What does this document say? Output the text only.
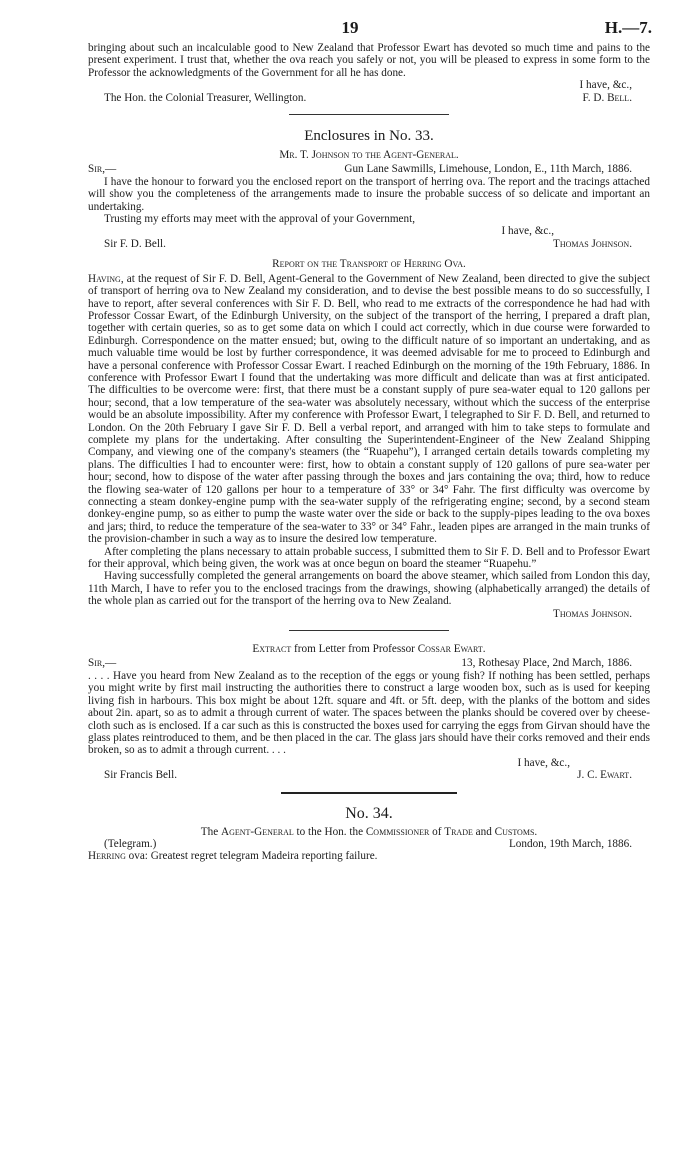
19	H.—7.

bringing about such an incalculable good to New Zealand that Professor Ewart has devoted so much time and pains to the present experiment. I trust that, whether the ova reach you safely or not, you will be pleased to express in some form to the Professor the acknowledgments of the Government for all he has done.

I have, &c.,
The Hon. the Colonial Treasurer, Wellington.	F. D. Bell.
Enclosures in No. 33.
Mr. T. Johnson to the Agent-General.
Sir,—	Gun Lane Sawmills, Limehouse, London, E., 11th March, 1886.

I have the honour to forward you the enclosed report on the transport of herring ova. The report and the tracings attached will show you the completeness of the arrangements made to insure the probable success of so delicate and important an undertaking.

Trusting my efforts may meet with the approval of your Government,

I have, &c.,
Sir F. D. Bell.	Thomas Johnson.
Report on the Transport of Herring Ova.

Having, at the request of Sir F. D. Bell, Agent-General to the Government of New Zealand, been directed to give the subject of transport of herring ova to New Zealand my consideration, and to devise the best possible means to do so successfully, I have to report, after several conferences with Sir F. D. Bell, who read to me extracts of the correspondence he had had with Professor Cossar Ewart, of the Edinburgh University, on the subject of the transport of the herring, I prepared a draft plan, together with certain queries, so as to get some data on which I could act correctly, which in due course were forwarded to Edinburgh. Correspondence on the matter ensued; but, owing to the difficult nature of so important an undertaking, and as much valuable time would be lost by further correspondence, it was deemed advisable for me to proceed to Edinburgh and have a personal conference with Professor Cossar Ewart. I reached Edinburgh on the morning of the 19th February, 1886. In conference with Professor Ewart I found that the undertaking was more difficult and delicate than was at first anticipated. The difficulties to be overcome were: first, that there must be a constant supply of pure sea-water equal to 120 gallons per hour; second, that a low temperature of the sea-water was absolutely necessary, without which the success of the enterprise would be an absolute impossibility. After my conference with Professor Ewart, I telegraphed to Sir F. D. Bell, and returned to London. On the 20th February I gave Sir F. D. Bell a verbal report, and arranged with him to take steps to formulate and complete my plans for the undertaking. After consulting the Superintendent-Engineer of the New Zealand Shipping Company, and viewing one of the company's steamers (the “Ruapehu”), I arranged certain details towards completing my plans. The difficulties I had to encounter were: first, how to obtain a constant supply of 120 gallons of pure sea-water per hour; second, how to dispose of the water after passing through the boxes and jars containing the ova; third, how to reduce the flowing sea-water of 120 gallons per hour to a temperature of 33° or 34° Fahr. The first difficulty was overcome by connecting a steam donkey-engine pump with the sea-water supply of the refrigerating engine; second, by a second steam donkey-engine pump, so as either to pump the waste water over the side or back to the supply-pipes leading to the ova boxes and jars; third, to reduce the temperature of the sea-water to 33° or 34° Fahr., leaden pipes are arranged in the main trunks of the provision-chamber in such a way as to insure the desired low temperature.

After completing the plans necessary to attain probable success, I submitted them to Sir F. D. Bell and to Professor Ewart for their approval, which being given, the work was at once begun on board the steamer “Ruapehu.”

Having successfully completed the general arrangements on board the above steamer, which sailed from London this day, 11th March, I have to refer you to the enclosed tracings from the drawings, showing (alphabetically arranged) the details of the whole plan as carried out for the transport of the herring ova to New Zealand.

Thomas Johnson.
Extract from Letter from Professor Cossar Ewart.
Sir,—	13, Rothesay Place, 2nd March, 1886.

. . . . Have you heard from New Zealand as to the reception of the eggs or young fish? If nothing has been settled, perhaps you might write by first mail instructing the authorities there to construct a large wooden box, such as is used for keeping living fish in harbours. This box might be about 12ft. square and 4ft. or 5ft. deep, with the planks of the bottom and sides about 2in. apart, so as to admit a through current of water. The spaces between the planks should be covered over by cheese-cloth such as is enclosed. If a car such as this is constructed the boxes used for carrying the eggs from Girvan should have the glass plates reintroduced to them, and be then placed in the car. The glass jars should have their corks removed and their ends broken, so as to admit a through current. . . .

I have, &c.,
Sir Francis Bell.	J. C. Ewart.
No. 34.
The Agent-General to the Hon. the Commissioner of Trade and Customs.
(Telegram.)	London, 19th March, 1886.

Herring ova: Greatest regret telegram Madeira reporting failure.
